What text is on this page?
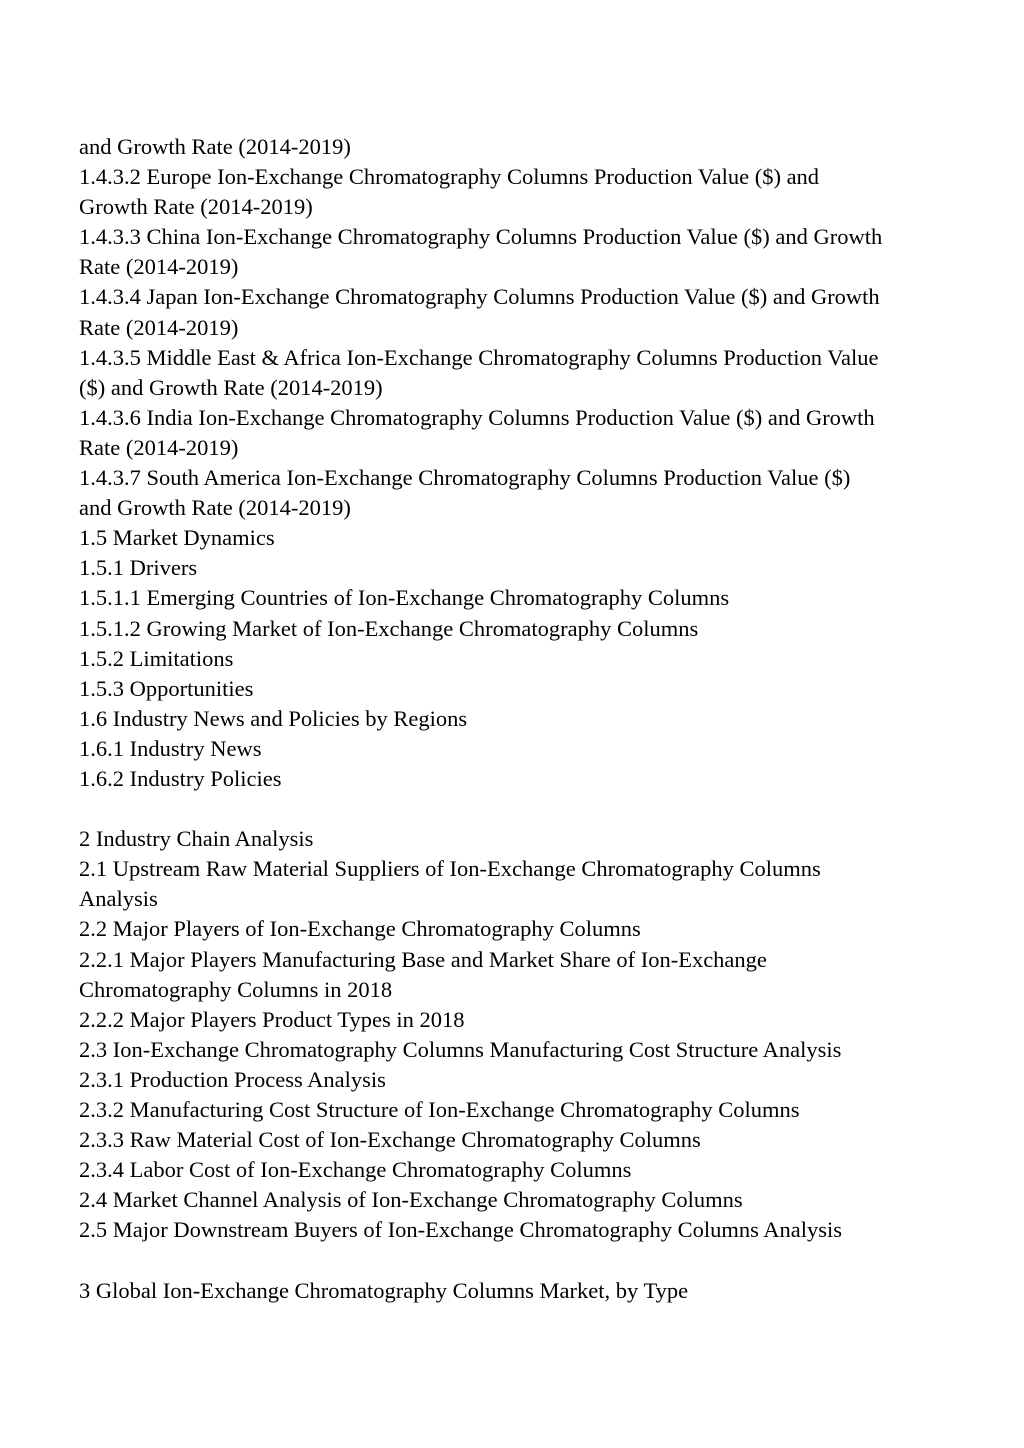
and Growth Rate (2014-2019)
1.4.3.2 Europe Ion-Exchange Chromatography Columns Production Value ($) and
Growth Rate (2014-2019)
1.4.3.3 China Ion-Exchange Chromatography Columns Production Value ($) and Growth
Rate (2014-2019)
1.4.3.4 Japan Ion-Exchange Chromatography Columns Production Value ($) and Growth
Rate (2014-2019)
1.4.3.5 Middle East & Africa Ion-Exchange Chromatography Columns Production Value
($) and Growth Rate (2014-2019)
1.4.3.6 India Ion-Exchange Chromatography Columns Production Value ($) and Growth
Rate (2014-2019)
1.4.3.7 South America Ion-Exchange Chromatography Columns Production Value ($)
and Growth Rate (2014-2019)
1.5 Market Dynamics
1.5.1 Drivers
1.5.1.1 Emerging Countries of Ion-Exchange Chromatography Columns
1.5.1.2 Growing Market of Ion-Exchange Chromatography Columns
1.5.2 Limitations
1.5.3 Opportunities
1.6 Industry News and Policies by Regions
1.6.1 Industry News
1.6.2 Industry Policies
2 Industry Chain Analysis
2.1 Upstream Raw Material Suppliers of Ion-Exchange Chromatography Columns
Analysis
2.2 Major Players of Ion-Exchange Chromatography Columns
2.2.1 Major Players Manufacturing Base and Market Share of Ion-Exchange
Chromatography Columns in 2018
2.2.2 Major Players Product Types in 2018
2.3 Ion-Exchange Chromatography Columns Manufacturing Cost Structure Analysis
2.3.1 Production Process Analysis
2.3.2 Manufacturing Cost Structure of Ion-Exchange Chromatography Columns
2.3.3 Raw Material Cost of Ion-Exchange Chromatography Columns
2.3.4 Labor Cost of Ion-Exchange Chromatography Columns
2.4 Market Channel Analysis of Ion-Exchange Chromatography Columns
2.5 Major Downstream Buyers of Ion-Exchange Chromatography Columns Analysis
3 Global Ion-Exchange Chromatography Columns Market, by Type
